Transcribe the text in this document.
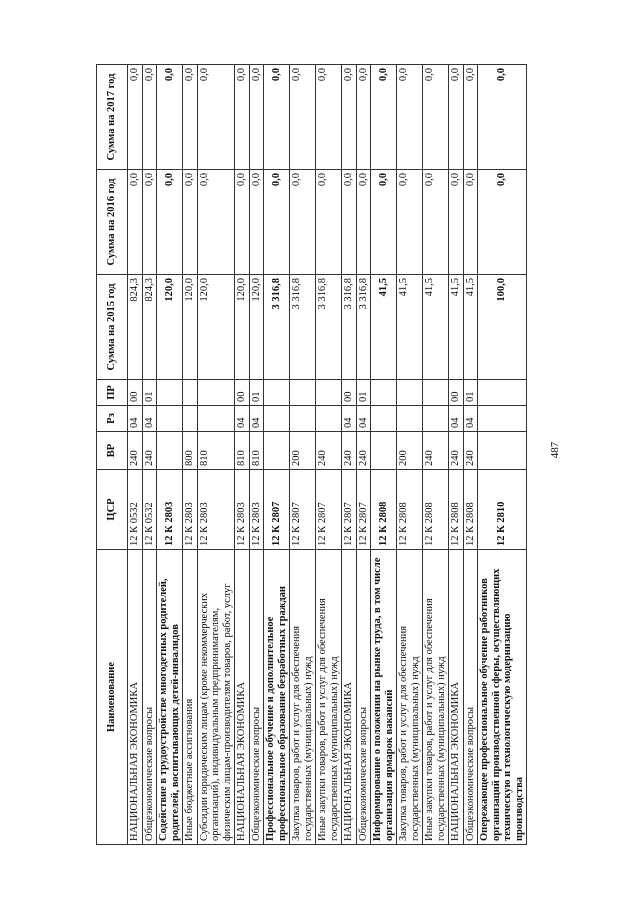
487
Наименование	ЦСР	ВР	Рз	ПР	Сумма на 2015 год	Сумма на 2016 год	Сумма на 2017 год
НАЦИОНАЛЬНАЯ ЭКОНОМИКА	12 К 0532	240	04	00	824,3	0,0	0,0
Общеэкономические вопросы	12 К 0532	240	04	01	824,3	0,0	0,0
Содействие в трудоустройстве многодетных родителей, родителей, воспитывающих детей-инвалидов	12 К 2803				120,0	0,0	0,0
Иные бюджетные ассигнования	12 К 2803	800			120,0	0,0	0,0
Субсидии юридическим лицам (кроме некоммерческих организаций), индивидуальным предпринимателям, физическим лицам-производителям товаров, работ, услуг	12 К 2803	810			120,0	0,0	0,0
НАЦИОНАЛЬНАЯ ЭКОНОМИКА	12 К 2803	810	04	00	120,0	0,0	0,0
Общеэкономические вопросы	12 К 2803	810	04	01	120,0	0,0	0,0
Профессиональное обучение и дополнительное профессиональное образование безработных граждан	12 К 2807				3 316,8	0,0	0,0
Закупка товаров, работ и услуг для обеспечения государственных (муниципальных) нужд	12 К 2807	200			3 316,8	0,0	0,0
Иные закупки товаров, работ и услуг для обеспечения государственных (муниципальных) нужд	12 К 2807	240			3 316,8	0,0	0,0
НАЦИОНАЛЬНАЯ ЭКОНОМИКА	12 К 2807	240	04	00	3 316,8	0,0	0,0
Общеэкономические вопросы	12 К 2807	240	04	01	3 316,8	0,0	0,0
Информирование о положении на рынке труда, в том числе организация ярмарок вакансий	12 К 2808				41,5	0,0	0,0
Закупка товаров, работ и услуг для обеспечения государственных (муниципальных) нужд	12 К 2808	200			41,5	0,0	0,0
Иные закупки товаров, работ и услуг для обеспечения государственных (муниципальных) нужд	12 К 2808	240			41,5	0,0	0,0
НАЦИОНАЛЬНАЯ ЭКОНОМИКА	12 К 2808	240	04	00	41,5	0,0	0,0
Общеэкономические вопросы	12 К 2808	240	04	01	41,5	0,0	0,0
Опережающее профессиональное обучение работников организаций производственной сферы, осуществляющих техническую и технологическую модернизацию производства	12 К 2810				100,0	0,0	0,0
